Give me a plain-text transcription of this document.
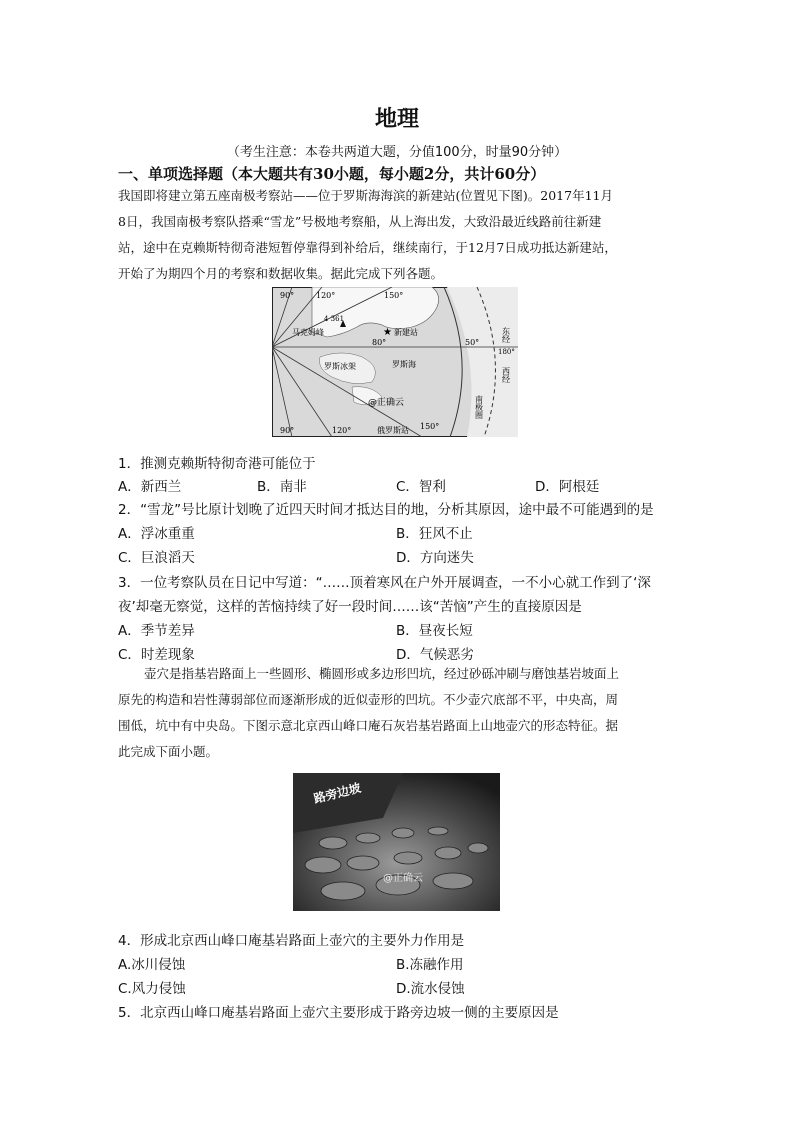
地理
（考生注意：本卷共两道大题，分值100分，时量90分钟）
一、单项选择题（本大题共有30小题，每小题2分，共计60分）
我国即将建立第五座南极考察站——位于罗斯海海滨的新建站(位置见下图)。2017年11月
8日，我国南极考察队搭乘“雪龙”号极地考察船，从上海出发，大致沿最近线路前往新建
站，途中在克赖斯特彻奇港短暂停靠得到补给后，继续南行，于12月7日成功抵达新建站，
开始了为期四个月的考察和数据收集。据此完成下列各题。
90°	120°	150°
90°	120°	150°
80°	50°
180°
东经
西经
南极圈
4 361
马克姆峰	★ 新建站
罗斯冰架	罗斯海
@正确云
俄罗斯站
1．推测克赖斯特彻奇港可能位于
A．新西兰	B．南非	C．智利	D．阿根廷
2．“雪龙”号比原计划晚了近四天时间才抵达目的地，分析其原因，途中最不可能遇到的是
A．浮冰重重	B．狂风不止
C．巨浪滔天	D．方向迷失
3．一位考察队员在日记中写道：“……顶着寒风在户外开展调查，一不小心就工作到了‘深
夜’却毫无察觉，这样的苦恼持续了好一段时间……该“苦恼”产生的直接原因是
A．季节差异	B．昼夜长短
C．时差现象	D．气候恶劣
壶穴是指基岩路面上一些圆形、椭圆形或多边形凹坑，经过砂砾冲刷与磨蚀基岩坡面上
原先的构造和岩性薄弱部位而逐渐形成的近似壶形的凹坑。不少壶穴底部不平，中央高，周
围低，坑中有中央岛。下图示意北京西山峰口庵石灰岩基岩路面上山地壶穴的形态特征。据
此完成下面小题。
路旁边坡
@正确云
4．形成北京西山峰口庵基岩路面上壶穴的主要外力作用是
A.冰川侵蚀	B.冻融作用
C.风力侵蚀	D.流水侵蚀
5．北京西山峰口庵基岩路面上壶穴主要形成于路旁边坡一侧的主要原因是
